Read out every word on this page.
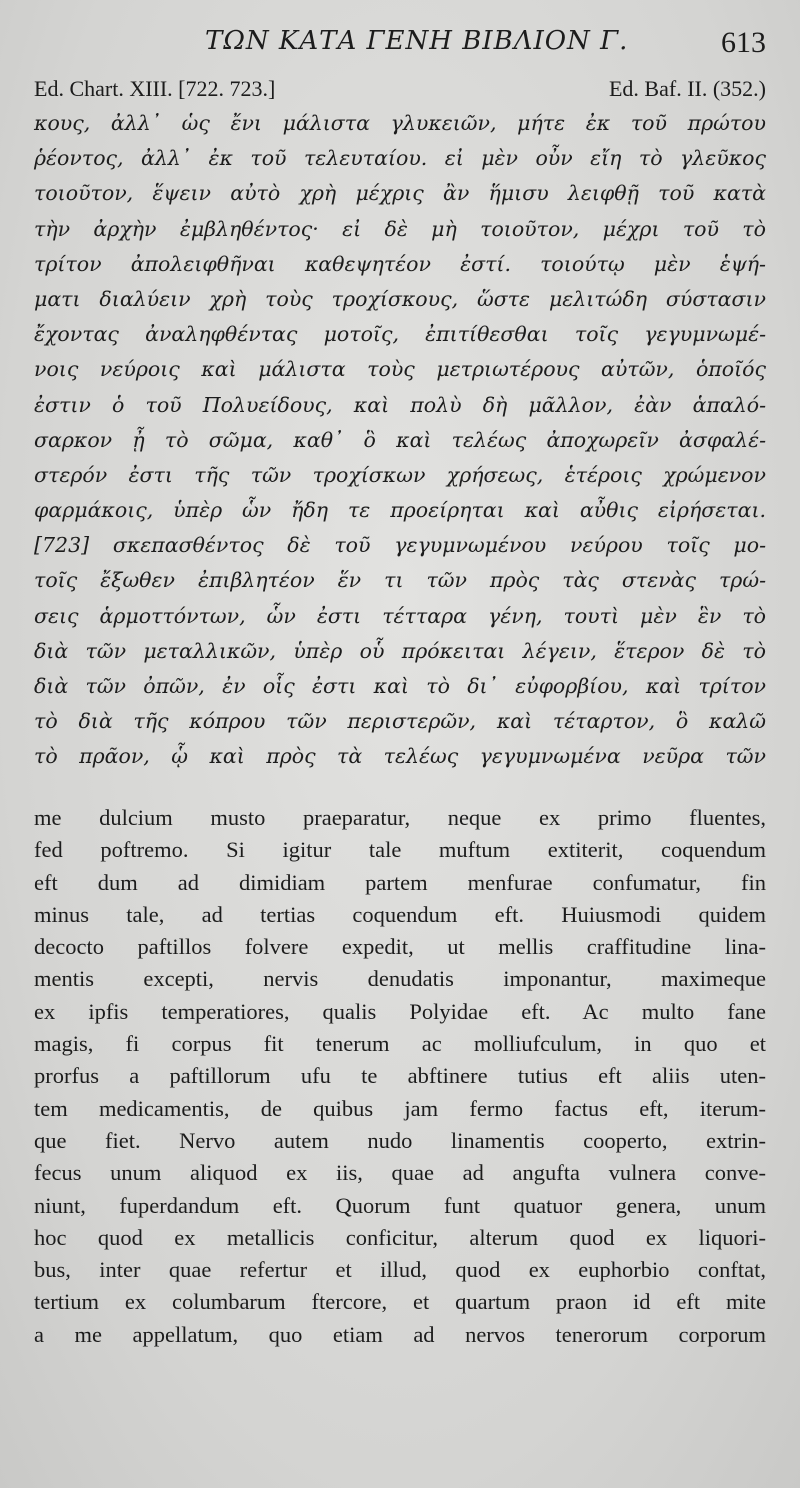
ΤΩΝ ΚΑΤΑ ΓΕΝΗ ΒΙΒΛΙΟΝ Γ.	613
Ed. Chart. XIII. [722. 723.]	Ed. Baf. II. (352.)
κους, ἀλλ᾿ ὡς ἔνι μάλιστα γλυκειῶν, μήτε ἐκ τοῦ πρώτου
ῥέοντος, ἀλλ᾿ ἐκ τοῦ τελευταίου. εἰ μὲν οὖν εἴη τὸ γλεῦκος
τοιοῦτον, ἕψειν αὐτὸ χρὴ μέχρις ἂν ἥμισυ λειφθῇ τοῦ κατὰ
τὴν ἀρχὴν ἐμβληθέντος· εἰ δὲ μὴ τοιοῦτον, μέχρι τοῦ τὸ
τρίτον ἀπολειφθῆναι καθεψητέον ἐστί. τοιούτῳ μὲν ἑψή-
ματι διαλύειν χρὴ τοὺς τροχίσκους, ὥστε μελιτώδη σύστασιν
ἔχοντας ἀναληφθέντας μοτοῖς, ἐπιτίθεσθαι τοῖς γεγυμνωμέ-
νοις νεύροις καὶ μάλιστα τοὺς μετριωτέρους αὐτῶν, ὁποῖός
ἐστιν ὁ τοῦ Πολυείδους, καὶ πολὺ δὴ μᾶλλον, ἐὰν ἁπαλό-
σαρκον ᾖ τὸ σῶμα, καθ᾿ ὃ καὶ τελέως ἀποχωρεῖν ἀσφαλέ-
στερόν ἐστι τῆς τῶν τροχίσκων χρήσεως, ἑτέροις χρώμενον
φαρμάκοις, ὑπὲρ ὧν ἤδη τε προείρηται καὶ αὖθις εἰρήσεται.
[723] σκεπασθέντος δὲ τοῦ γεγυμνωμένου νεύρου τοῖς μο-
τοῖς ἔξωθεν ἐπιβλητέον ἕν τι τῶν πρὸς τὰς στενὰς τρώ-
σεις ἁρμοττόντων, ὧν ἐστι τέτταρα γένη, τουτὶ μὲν ἓν τὸ
διὰ τῶν μεταλλικῶν, ὑπὲρ οὗ πρόκειται λέγειν, ἕτερον δὲ τὸ
διὰ τῶν ὀπῶν, ἐν οἷς ἐστι καὶ τὸ δι᾿ εὐφορβίου, καὶ τρίτον
τὸ διὰ τῆς κόπρου τῶν περιστερῶν, καὶ τέταρτον, ὃ καλῶ
τὸ πρᾶον, ᾧ καὶ πρὸς τὰ τελέως γεγυμνωμένα νεῦρα τῶν
me dulcium musto praeparatur, neque ex primo fluentes,
fed poftremo. Si igitur tale muftum extiterit, coquendum
eft dum ad dimidiam partem menfurae confumatur, fin
minus tale, ad tertias coquendum eft. Huiusmodi quidem
decocto paftillos folvere expedit, ut mellis craffitudine lina-
mentis excepti, nervis denudatis imponantur, maximeque
ex ipfis temperatiores, qualis Polyidae eft. Ac multo fane
magis, fi corpus fit tenerum ac molliufculum, in quo et
prorfus a paftillorum ufu te abftinere tutius eft aliis uten-
tem medicamentis, de quibus jam fermo factus eft, iterum-
que fiet. Nervo autem nudo linamentis cooperto, extrin-
fecus unum aliquod ex iis, quae ad angufta vulnera conve-
niunt, fuperdandum eft. Quorum funt quatuor genera, unum
hoc quod ex metallicis conficitur, alterum quod ex liquori-
bus, inter quae refertur et illud, quod ex euphorbio conftat,
tertium ex columbarum ftercore, et quartum praon id eft mite
a me appellatum, quo etiam ad nervos tenerorum corporum
